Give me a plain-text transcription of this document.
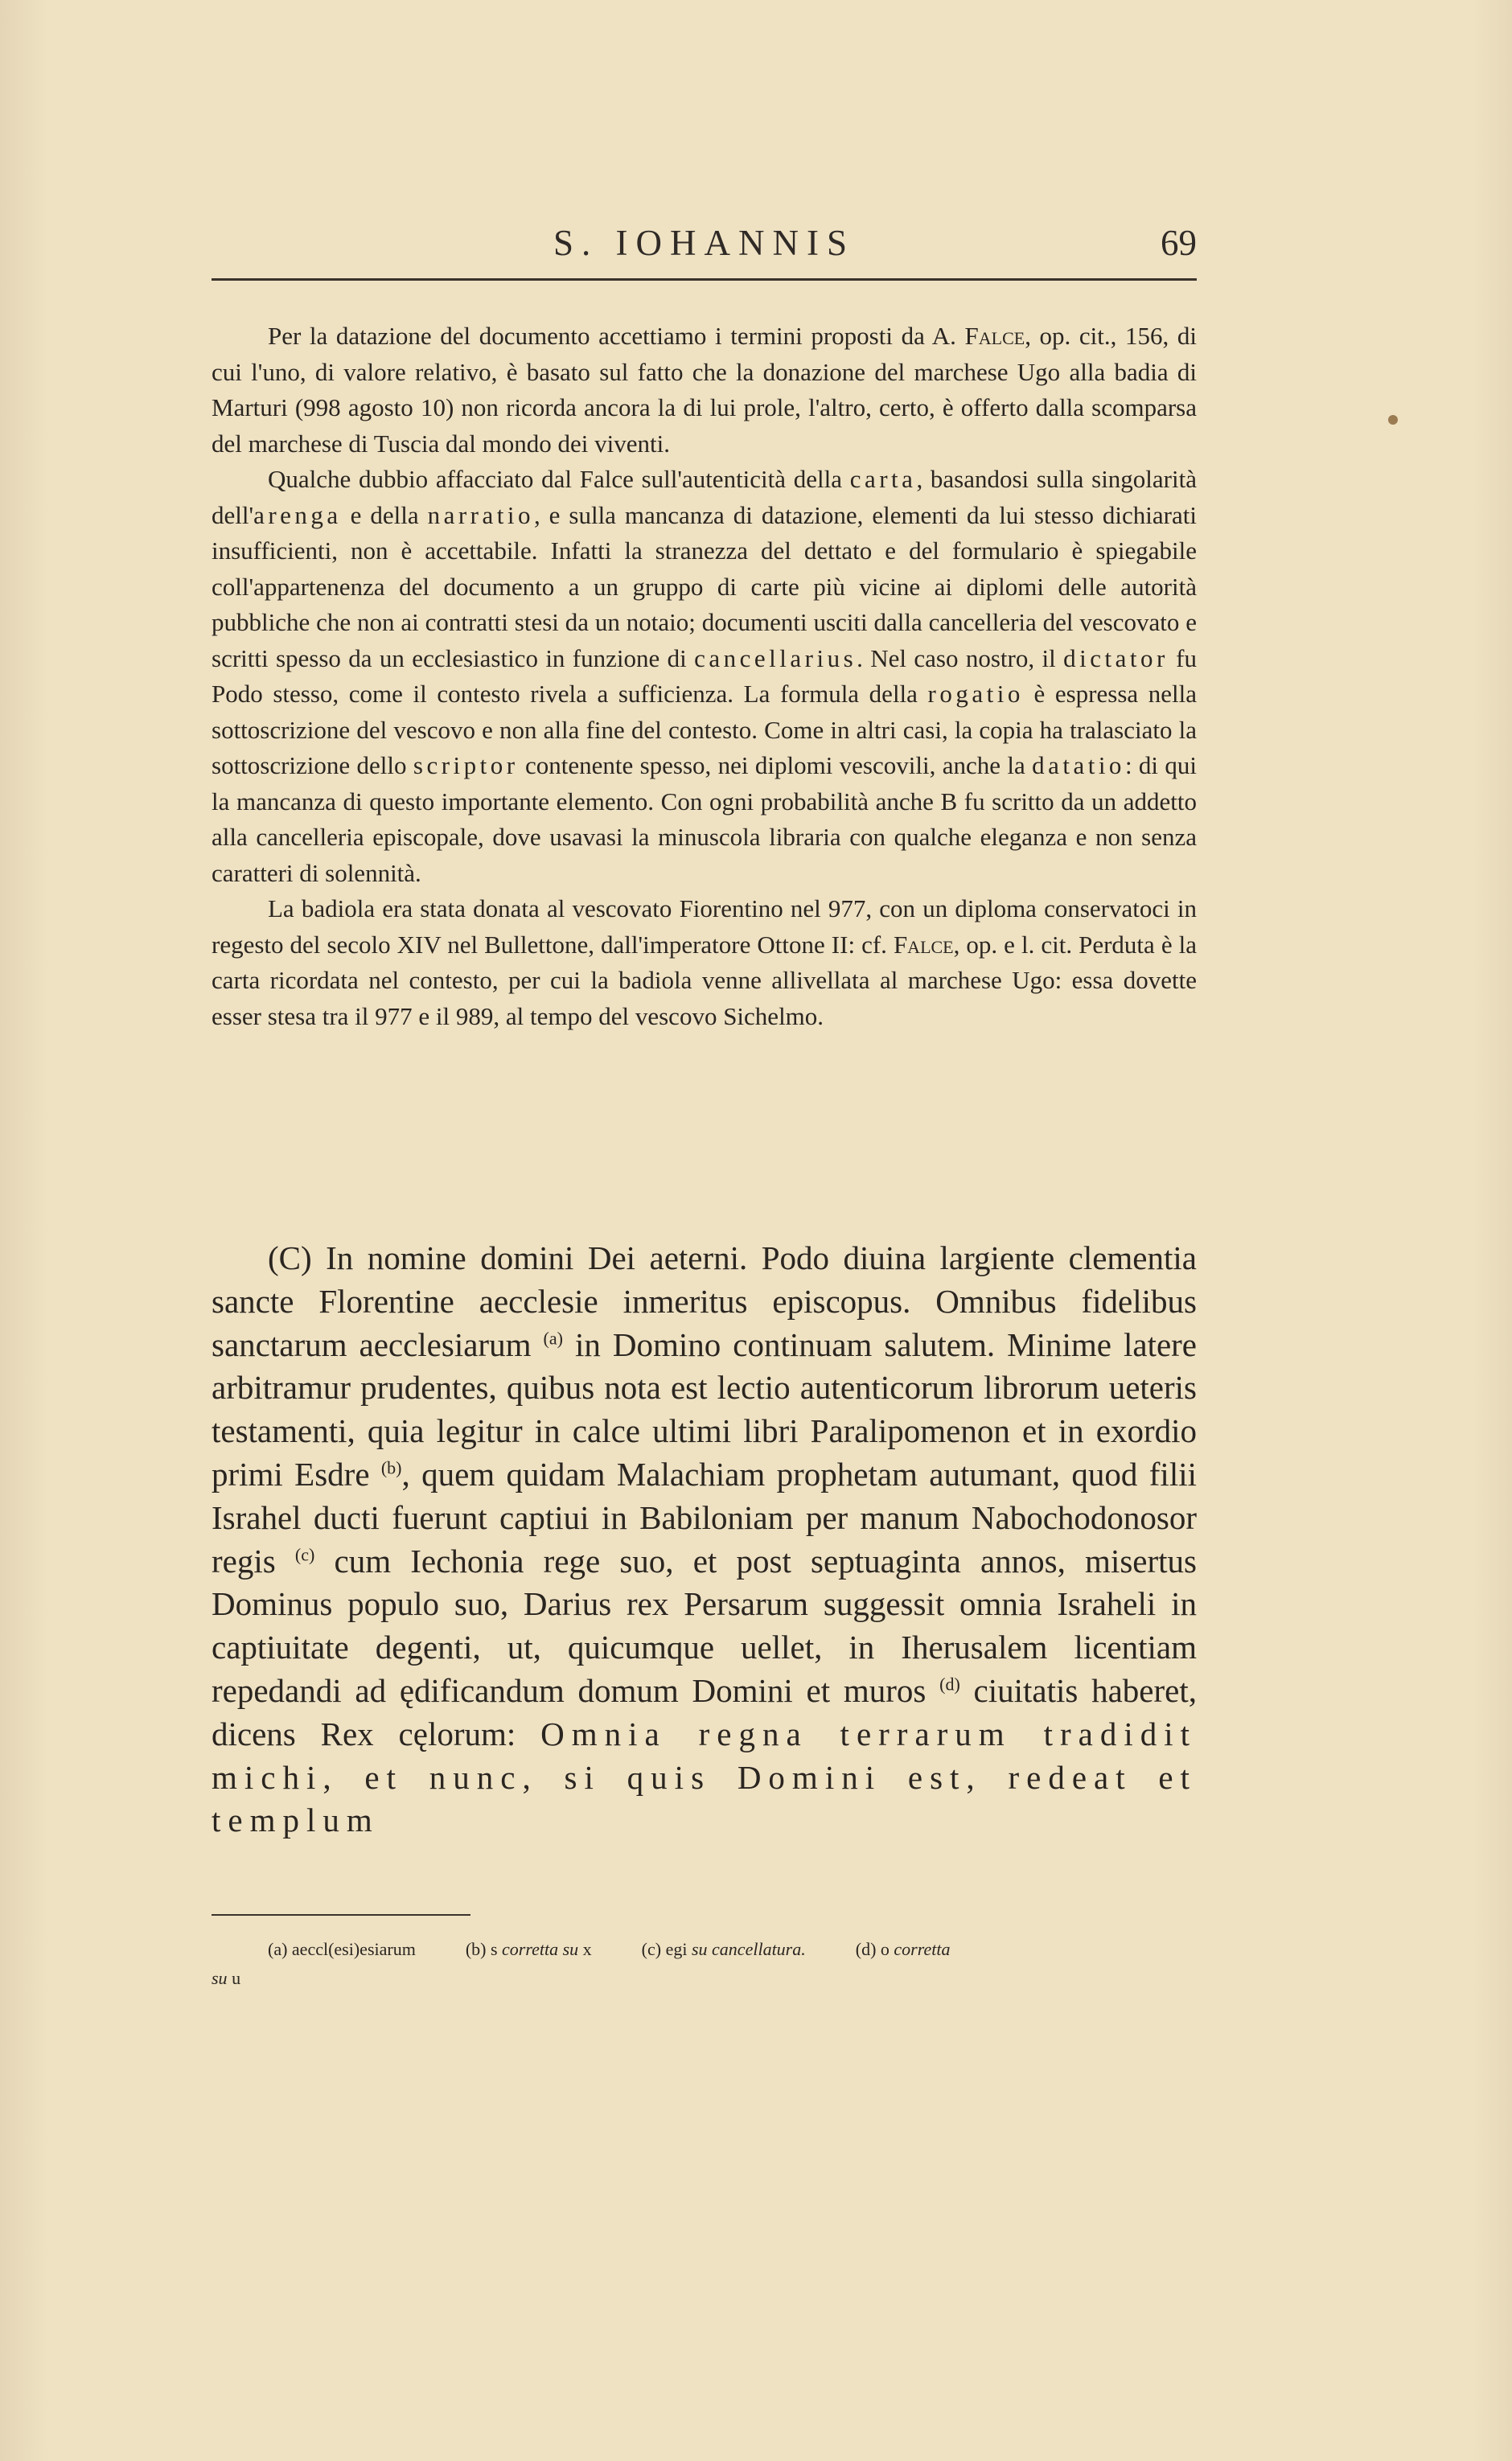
S. IOHANNIS	69

Per la datazione del documento accettiamo i termini proposti da A. Falce, op. cit., 156, di cui l'uno, di valore relativo, è basato sul fatto che la donazione del marchese Ugo alla badia di Marturi (998 agosto 10) non ricorda ancora la di lui prole, l'altro, certo, è offerto dalla scomparsa del marchese di Tuscia dal mondo dei viventi.

Qualche dubbio affacciato dal Falce sull'autenticità della carta, basandosi sulla singolarità dell'arenga e della narratio, e sulla mancanza di datazione, elementi da lui stesso dichiarati insufficienti, non è accettabile. Infatti la stranezza del dettato e del formulario è spiegabile coll'appartenenza del documento a un gruppo di carte più vicine ai diplomi delle autorità pubbliche che non ai contratti stesi da un notaio; documenti usciti dalla cancelleria del vescovato e scritti spesso da un ecclesiastico in funzione di cancellarius. Nel caso nostro, il dictator fu Podo stesso, come il contesto rivela a sufficienza. La formula della rogatio è espressa nella sottoscrizione del vescovo e non alla fine del contesto. Come in altri casi, la copia ha tralasciato la sottoscrizione dello scriptor contenente spesso, nei diplomi vescovili, anche la datatio: di qui la mancanza di questo importante elemento. Con ogni probabilità anche B fu scritto da un addetto alla cancelleria episcopale, dove usavasi la minuscola libraria con qualche eleganza e non senza caratteri di solennità.

La badiola era stata donata al vescovato Fiorentino nel 977, con un diploma conservatoci in regesto del secolo XIV nel Bullettone, dall'imperatore Ottone II: cf. Falce, op. e l. cit. Perduta è la carta ricordata nel contesto, per cui la badiola venne allivellata al marchese Ugo: essa dovette esser stesa tra il 977 e il 989, al tempo del vescovo Sichelmo.

(C) In nomine domini Dei aeterni. Podo diuina largiente clementia sancte Florentine aecclesie inmeritus episcopus. Omnibus fidelibus sanctarum aecclesiarum $^{(a)}$ in Domino continuam salutem. Minime latere arbitramur prudentes, quibus nota est lectio autenticorum librorum ueteris testamenti, quia legitur in calce ultimi libri Paralipomenon et in exordio primi Esdre $^{(b)}$, quem quidam Malachiam prophetam autumant, quod filii Israhel ducti fuerunt captiui in Babiloniam per manum Nabochodonosor regis $^{(c)}$ cum Iechonia rege suo, et post septuaginta annos, misertus Dominus populo suo, Darius rex Persarum suggessit omnia Israheli in captiuitate degenti, ut, quicumque uellet, in Iherusalem licentiam repedandi ad ędificandum domum Domini et muros $^{(d)}$ ciuitatis haberet, dicens Rex cęlorum: Omnia regna terrarum tradidit michi, et nunc, si quis Domini est, redeat et templum

(a) aeccl(esi)esiarum	(b) s corretta su x	(c) egi su cancellatura.	(d) o corretta
su u
